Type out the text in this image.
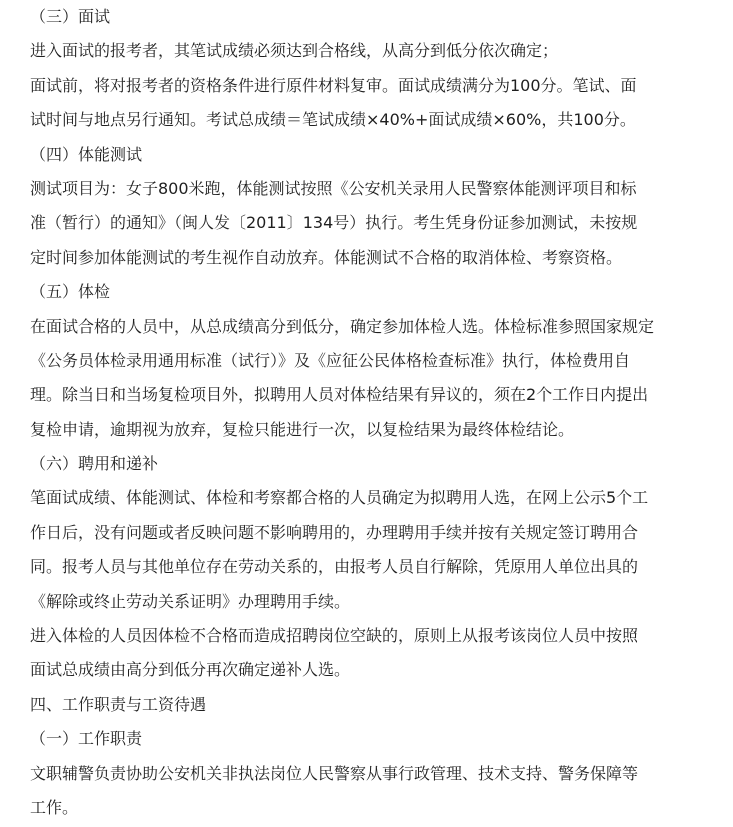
（三）面试
进入面试的报考者，其笔试成绩必须达到合格线，从高分到低分依次确定；
面试前，将对报考者的资格条件进行原件材料复审。面试成绩满分为100分。笔试、面
试时间与地点另行通知。考试总成绩＝笔试成绩×40%+面试成绩×60%，共100分。
（四）体能测试
测试项目为：女子800米跑，体能测试按照《公安机关录用人民警察体能测评项目和标
准（暂行）的通知》（闽人发〔2011〕134号）执行。考生凭身份证参加测试，未按规
定时间参加体能测试的考生视作自动放弃。体能测试不合格的取消体检、考察资格。
（五）体检
在面试合格的人员中，从总成绩高分到低分，确定参加体检人选。体检标准参照国家规定
《公务员体检录用通用标准（试行）》及《应征公民体格检查标准》执行，体检费用自
理。除当日和当场复检项目外，拟聘用人员对体检结果有异议的，须在2个工作日内提出
复检申请，逾期视为放弃，复检只能进行一次，以复检结果为最终体检结论。
（六）聘用和递补
笔面试成绩、体能测试、体检和考察都合格的人员确定为拟聘用人选，在网上公示5个工
作日后，没有问题或者反映问题不影响聘用的，办理聘用手续并按有关规定签订聘用合
同。报考人员与其他单位存在劳动关系的，由报考人员自行解除，凭原用人单位出具的
《解除或终止劳动关系证明》办理聘用手续。
进入体检的人员因体检不合格而造成招聘岗位空缺的，原则上从报考该岗位人员中按照
面试总成绩由高分到低分再次确定递补人选。
四、工作职责与工资待遇
（一）工作职责
文职辅警负责协助公安机关非执法岗位人民警察从事行政管理、技术支持、警务保障等
工作。
